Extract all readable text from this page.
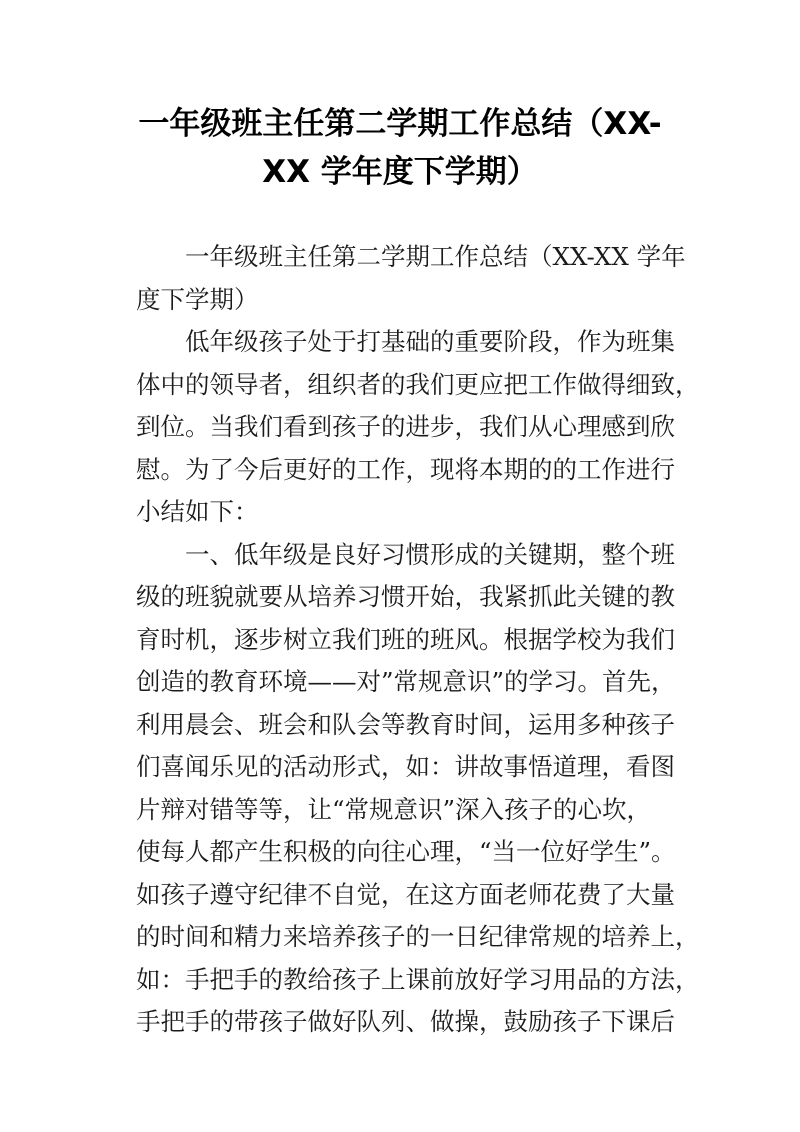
一年级班主任第二学期工作总结（XX-
XX 学年度下学期）
一年级班主任第二学期工作总结（XX-XX 学年
度下学期）
低年级孩子处于打基础的重要阶段，作为班集
体中的领导者，组织者的我们更应把工作做得细致，
到位。当我们看到孩子的进步，我们从心理感到欣
慰。为了今后更好的工作，现将本期的的工作进行
小结如下：
一、低年级是良好习惯形成的关键期，整个班
级的班貌就要从培养习惯开始，我紧抓此关键的教
育时机，逐步树立我们班的班风。根据学校为我们
创造的教育环境——对”常规意识”的学习。首先，
利用晨会、班会和队会等教育时间，运用多种孩子
们喜闻乐见的活动形式，如：讲故事悟道理，看图
片辩对错等等，让“常规意识”深入孩子的心坎，
使每人都产生积极的向往心理，“当一位好学生”。
如孩子遵守纪律不自觉，在这方面老师花费了大量
的时间和精力来培养孩子的一日纪律常规的培养上，
如：手把手的教给孩子上课前放好学习用品的方法，
手把手的带孩子做好队列、做操，鼓励孩子下课后
